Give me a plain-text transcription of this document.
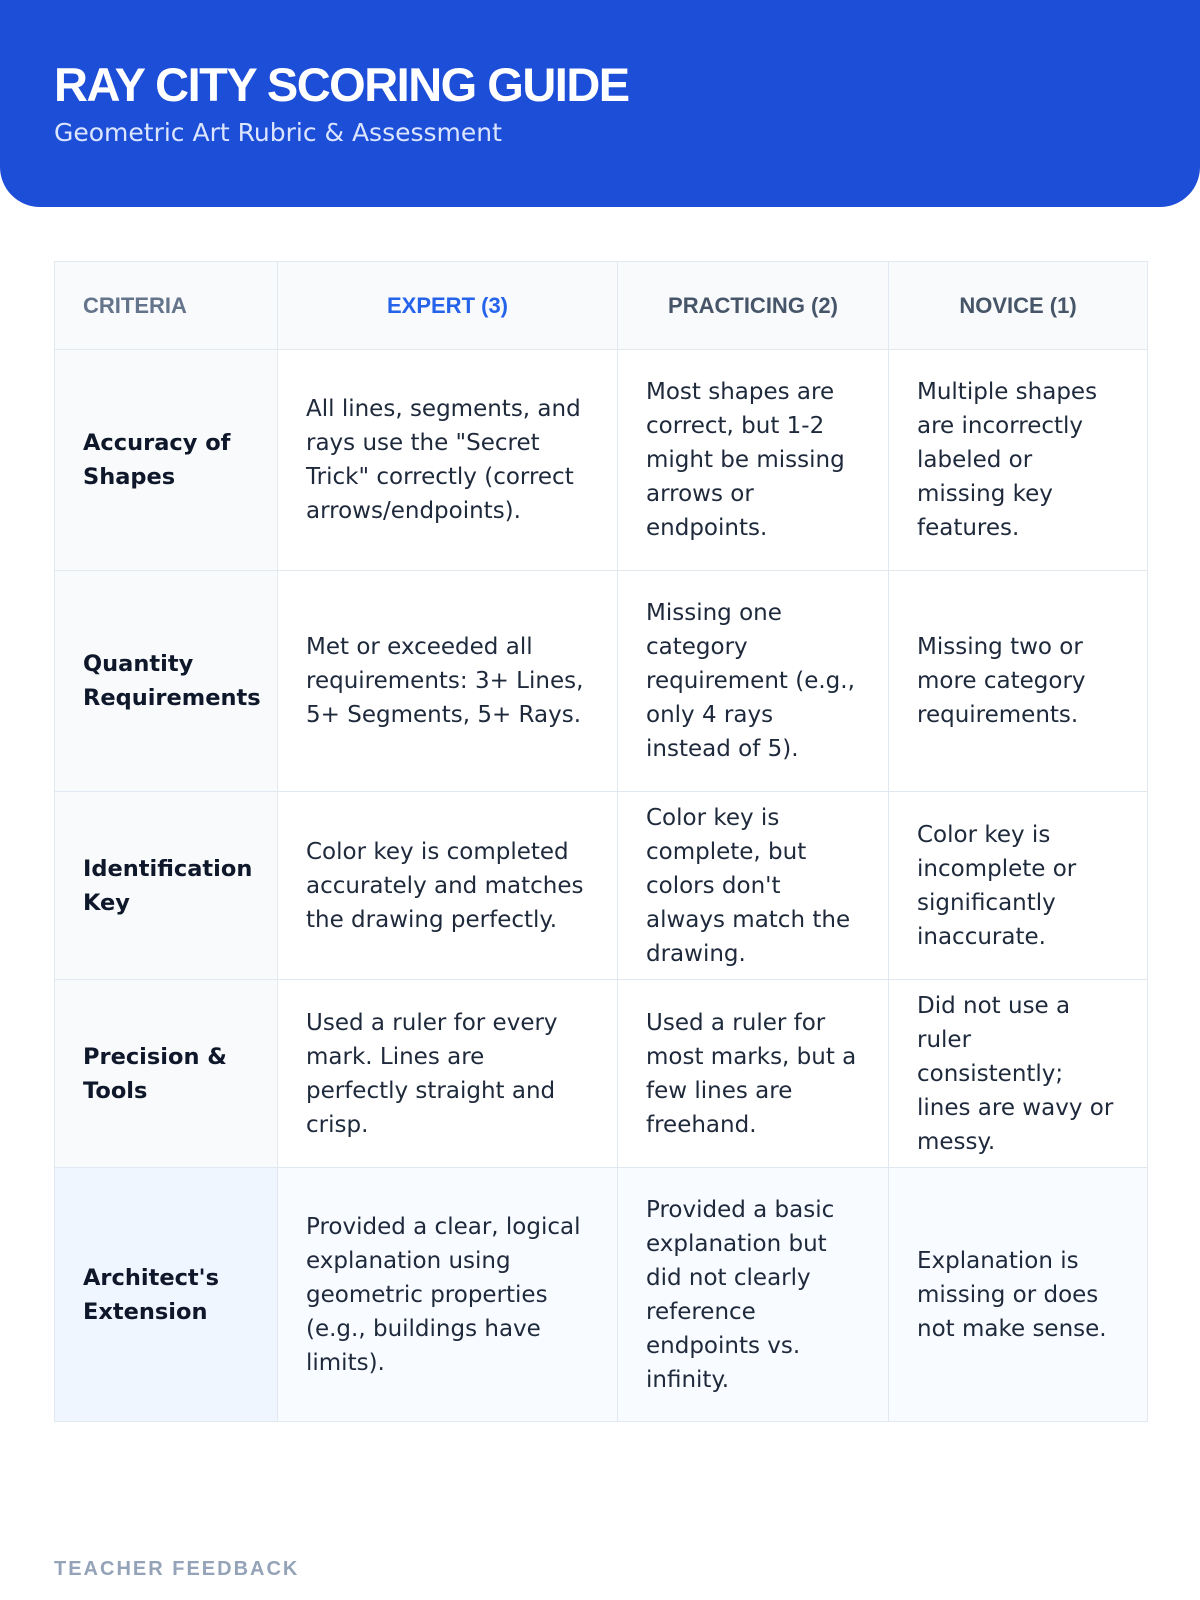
RAY CITY SCORING GUIDE
Geometric Art Rubric & Assessment
CRITERIA	EXPERT (3)	PRACTICING (2)	NOVICE (1)
Accuracy of Shapes	All lines, segments, and rays use the "Secret Trick" correctly (correct arrows/endpoints).	Most shapes are correct, but 1-2 might be missing arrows or endpoints.	Multiple shapes are incorrectly labeled or missing key features.
Quantity Requirements	Met or exceeded all requirements: 3+ Lines, 5+ Segments, 5+ Rays.	Missing one category requirement (e.g., only 4 rays instead of 5).	Missing two or more category requirements.
Identification Key	Color key is completed accurately and matches the drawing perfectly.	Color key is complete, but colors don't always match the drawing.	Color key is incomplete or significantly inaccurate.
Precision & Tools	Used a ruler for every mark. Lines are perfectly straight and crisp.	Used a ruler for most marks, but a few lines are freehand.	Did not use a ruler consistently; lines are wavy or messy.
Architect's Extension	Provided a clear, logical explanation using geometric properties (e.g., buildings have limits).	Provided a basic explanation but did not clearly reference endpoints vs. infinity.	Explanation is missing or does not make sense.
TEACHER FEEDBACK
